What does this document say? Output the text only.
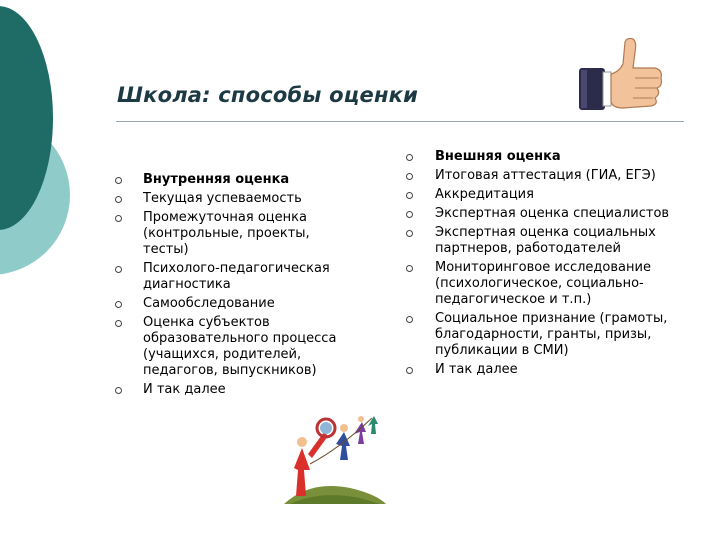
Школа: способы оценки
Внутренняя оценка
Текущая успеваемость
Промежуточная оценка (контрольные, проекты, тесты)
Психолого-педагогическая диагностика
Самообследование
Оценка субъектов образовательного процесса (учащихся, родителей, педагогов, выпускников)
И так далее
Внешняя оценка
Итоговая аттестация (ГИА, ЕГЭ)
Аккредитация
Экспертная оценка специалистов
Экспертная оценка социальных партнеров, работодателей
Мониторинговое исследование (психологическое, социально-педагогическое и т.п.)
Социальное признание (грамоты, благодарности, гранты, призы, публикации в СМИ)
И так далее
